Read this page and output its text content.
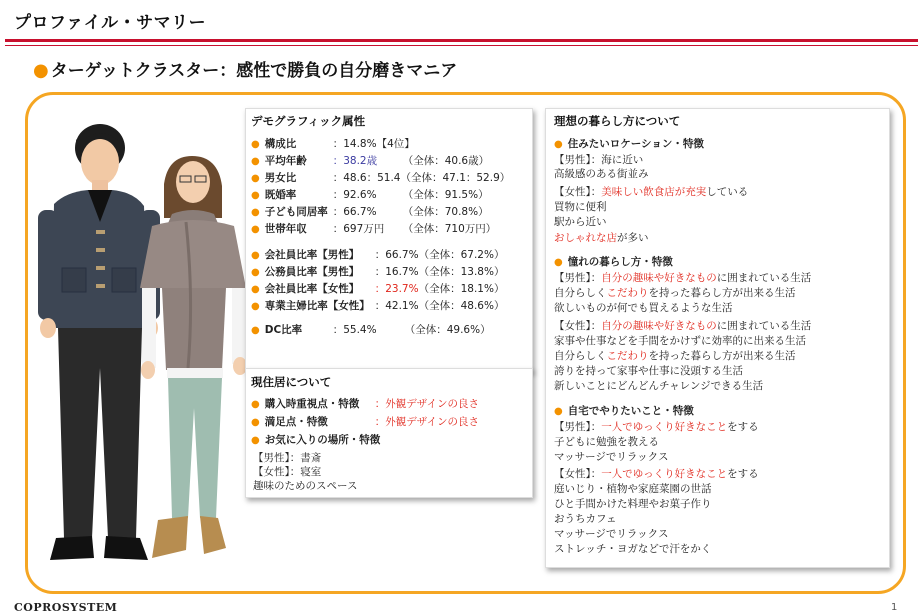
プロファイル・サマリー
● ターゲットクラスター：感性で勝負の自分磨きマニア
デモグラフィック属性
● 構成比	：14.8%【4位】
● 平均年齢 ：38.2歳 （全体：40.6歳）
● 男女比	：48.6：51.4（全体：47.1：52.9）
● 既婚率	：92.6% （全体：91.5%）
● 子ども同居率 ：66.7% （全体：70.8%）
● 世帯年収 ：697万円 （全体：710万円）
● 会社員比率【男性】 ：66.7%（全体：67.2%）
● 公務員比率【男性】 ：16.7%（全体：13.8%）
● 会社員比率【女性】 ：23.7%（全体：18.1%）
● 専業主婦比率【女性】 ：42.1%（全体：48.6%）
● DC比率	：55.4%	（全体：49.6%）
現住居について
● 購入時重視点・特徴 ：外観デザインの良さ
● 満足点・特徴	：外観デザインの良さ
● お気に入りの場所・特徴
【男性】：書斎
【女性】：寝室
趣味のためのスペース
理想の暮らし方について
● 住みたいロケーション・特徴
【男性】：海に近い
高級感のある街並み
【女性】：美味しい飲食店が充実している
買物に便利
駅から近い
おしゃれな店が多い
● 憧れの暮らし方・特徴
【男性】：自分の趣味や好きなものに囲まれている生活
自分らしくこだわりを持った暮らし方が出来る生活
欲しいものが何でも買えるような生活
【女性】：自分の趣味や好きなものに囲まれている生活
家事や仕事などを手間をかけずに効率的に出来る生活
自分らしくこだわりを持った暮らし方が出来る生活
誇りを持って家事や仕事に没頭する生活
新しいことにどんどんチャレンジできる生活
● 自宅でやりたいこと・特徴
【男性】：一人でゆっくり好きなことをする
子どもに勉強を教える
マッサージでリラックス
【女性】：一人でゆっくり好きなことをする
庭いじり・植物や家庭菜園の世話
ひと手間かけた料理やお菓子作り
おうちカフェ
マッサージでリラックス
ストレッチ・ヨガなどで汗をかく
COPROSYSTEM	1
